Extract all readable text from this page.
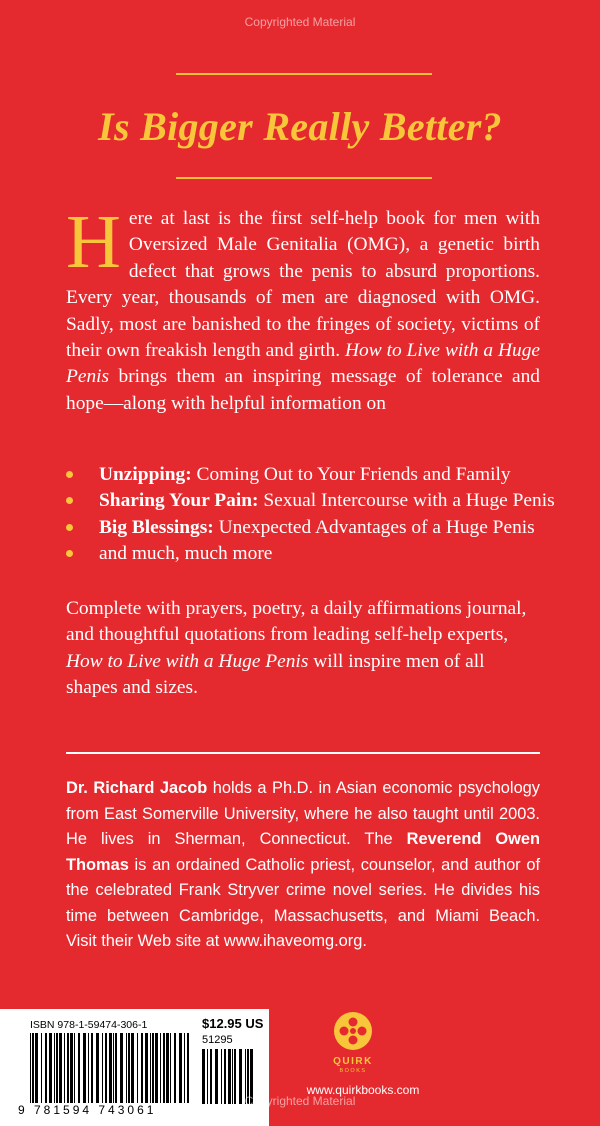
Copyrighted Material
Is Bigger Really Better?
Here at last is the first self-help book for men with Oversized Male Genitalia (OMG), a genetic birth defect that grows the penis to absurd proportions. Every year, thousands of men are diagnosed with OMG. Sadly, most are banished to the fringes of society, victims of their own freakish length and girth. How to Live with a Huge Penis brings them an inspiring message of tolerance and hope—along with helpful information on
Unzipping: Coming Out to Your Friends and Family
Sharing Your Pain: Sexual Intercourse with a Huge Penis
Big Blessings: Unexpected Advantages of a Huge Penis
and much, much more
Complete with prayers, poetry, a daily affirmations journal, and thoughtful quotations from leading self-help experts, How to Live with a Huge Penis will inspire men of all shapes and sizes.
Dr. Richard Jacob holds a Ph.D. in Asian economic psychology from East Somerville University, where he also taught until 2003. He lives in Sherman, Connecticut. The Reverend Owen Thomas is an ordained Catholic priest, counselor, and author of the celebrated Frank Stryver crime novel series. He divides his time between Cambridge, Massachusetts, and Miami Beach. Visit their Web site at www.ihaveomg.org.
ISBN 978-1-59474-306-1	$12.95 US
51295
9 781594 743061
QUIRK
BOOKS
www.quirkbooks.com
Copyrighted Material
